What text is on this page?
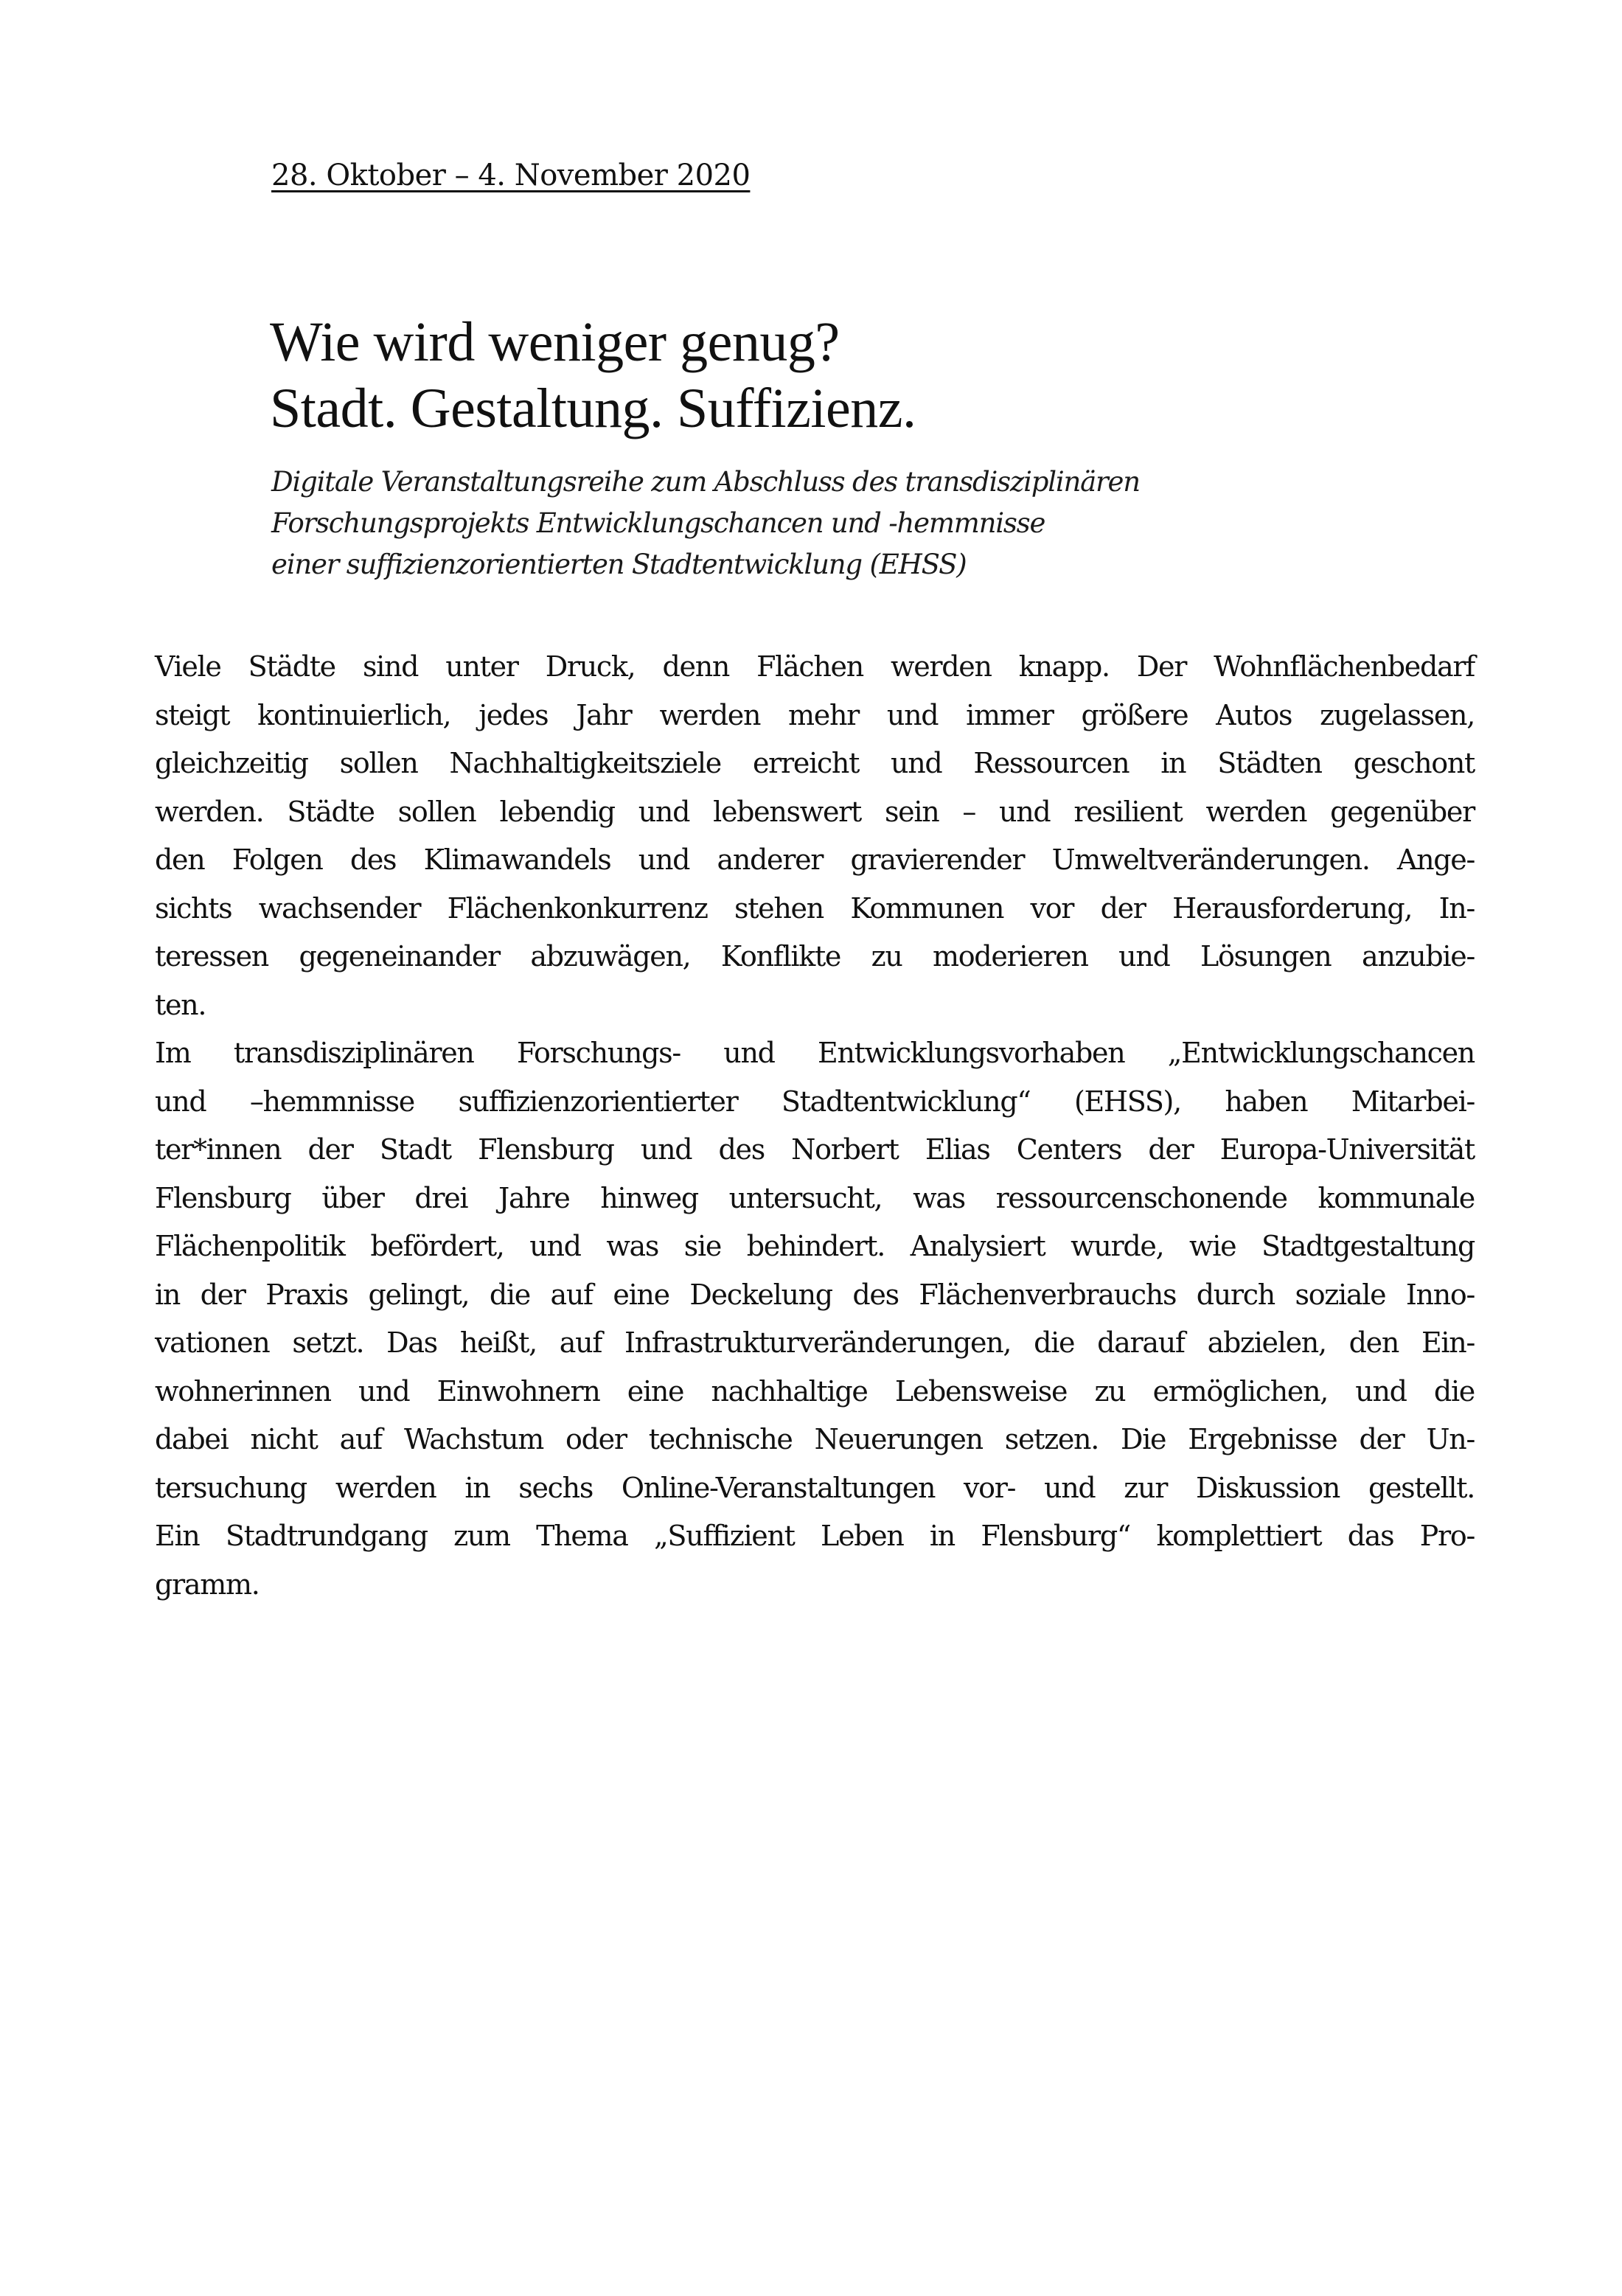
28. Oktober – 4. November 2020
Wie wird weniger genug?
Stadt. Gestaltung. Suffizienz.
Digitale Veranstaltungsreihe zum Abschluss des transdisziplinären
Forschungsprojekts Entwicklungschancen und -hemmnisse
einer suffizienzorientierten Stadtentwicklung (EHSS)
Viele Städte sind unter Druck, denn Flächen werden knapp. Der Wohnflächenbedarf
steigt kontinuierlich, jedes Jahr werden mehr und immer größere Autos zugelassen,
gleichzeitig sollen Nachhaltigkeitsziele erreicht und Ressourcen in Städten geschont
werden. Städte sollen lebendig und lebenswert sein – und resilient werden gegenüber
den Folgen des Klimawandels und anderer gravierender Umweltveränderungen. Ange-
sichts wachsender Flächenkonkurrenz stehen Kommunen vor der Herausforderung, In-
teressen gegeneinander abzuwägen, Konflikte zu moderieren und Lösungen anzubie-
ten.
Im transdisziplinären Forschungs- und Entwicklungsvorhaben „Entwicklungschancen
und –hemmnisse suffizienzorientierter Stadtentwicklung“ (EHSS), haben Mitarbei-
ter*innen der Stadt Flensburg und des Norbert Elias Centers der Europa-Universität
Flensburg über drei Jahre hinweg untersucht, was ressourcenschonende kommunale
Flächenpolitik befördert, und was sie behindert. Analysiert wurde, wie Stadtgestaltung
in der Praxis gelingt, die auf eine Deckelung des Flächenverbrauchs durch soziale Inno-
vationen setzt. Das heißt, auf Infrastrukturveränderungen, die darauf abzielen, den Ein-
wohnerinnen und Einwohnern eine nachhaltige Lebensweise zu ermöglichen, und die
dabei nicht auf Wachstum oder technische Neuerungen setzen. Die Ergebnisse der Un-
tersuchung werden in sechs Online-Veranstaltungen vor- und zur Diskussion gestellt.
Ein Stadtrundgang zum Thema „Suffizient Leben in Flensburg“ komplettiert das Pro-
gramm.
